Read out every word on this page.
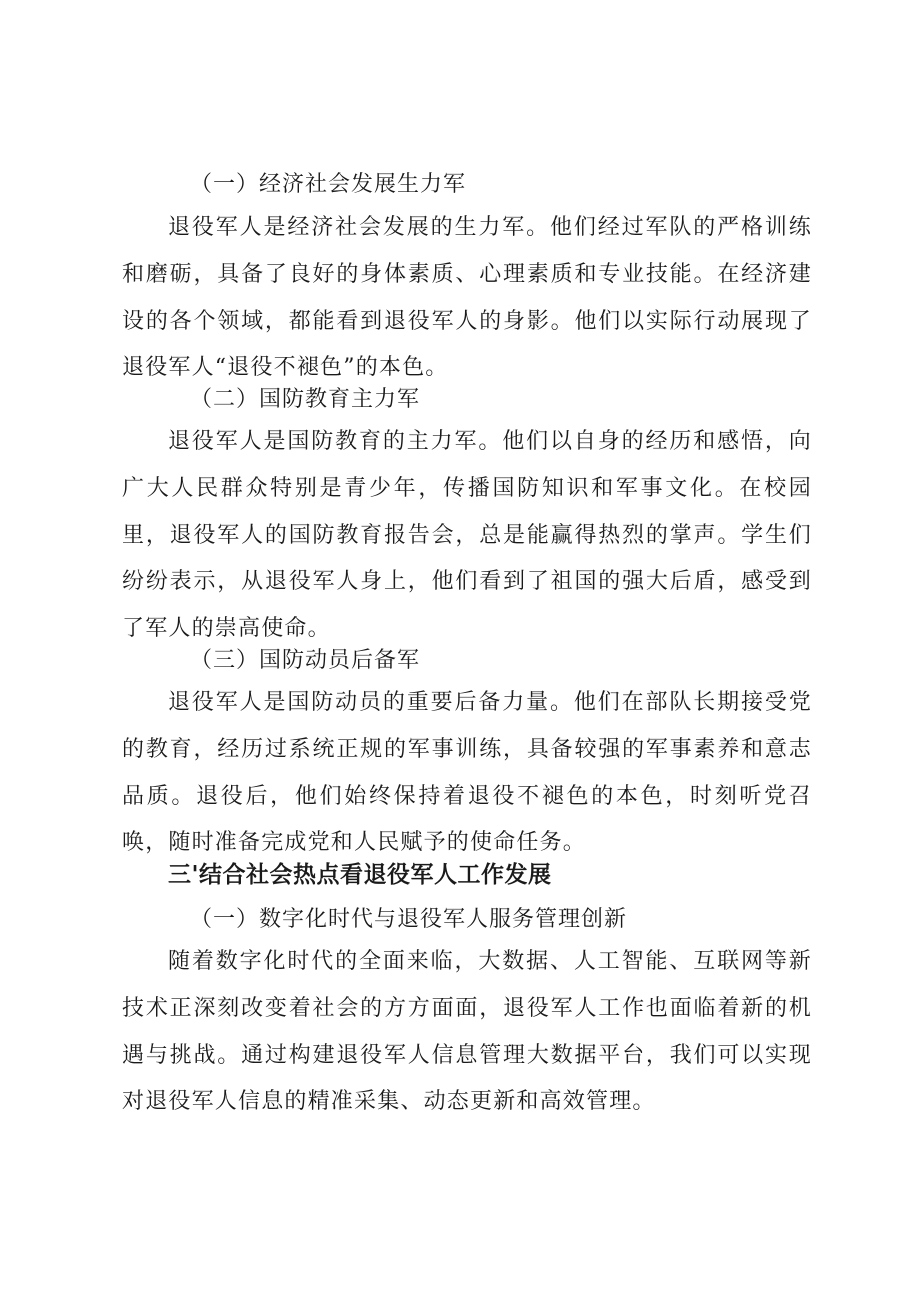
（一）经济社会发展生力军

退役军人是经济社会发展的生力军。他们经过军队的严格训练和磨砺，具备了良好的身体素质、心理素质和专业技能。在经济建设的各个领域，都能看到退役军人的身影。他们以实际行动展现了退役军人“退役不褪色”的本色。

（二）国防教育主力军

退役军人是国防教育的主力军。他们以自身的经历和感悟，向广大人民群众特别是青少年，传播国防知识和军事文化。在校园里，退役军人的国防教育报告会，总是能赢得热烈的掌声。学生们纷纷表示，从退役军人身上，他们看到了祖国的强大后盾，感受到了军人的崇高使命。

（三）国防动员后备军

退役军人是国防动员的重要后备力量。他们在部队长期接受党的教育，经历过系统正规的军事训练，具备较强的军事素养和意志品质。退役后，他们始终保持着退役不褪色的本色，时刻听党召唤，随时准备完成党和人民赋予的使命任务。

三'结合社会热点看退役军人工作发展
（一）数字化时代与退役军人服务管理创新

随着数字化时代的全面来临，大数据、人工智能、互联网等新技术正深刻改变着社会的方方面面，退役军人工作也面临着新的机遇与挑战。通过构建退役军人信息管理大数据平台，我们可以实现对退役军人信息的精准采集、动态更新和高效管理。
